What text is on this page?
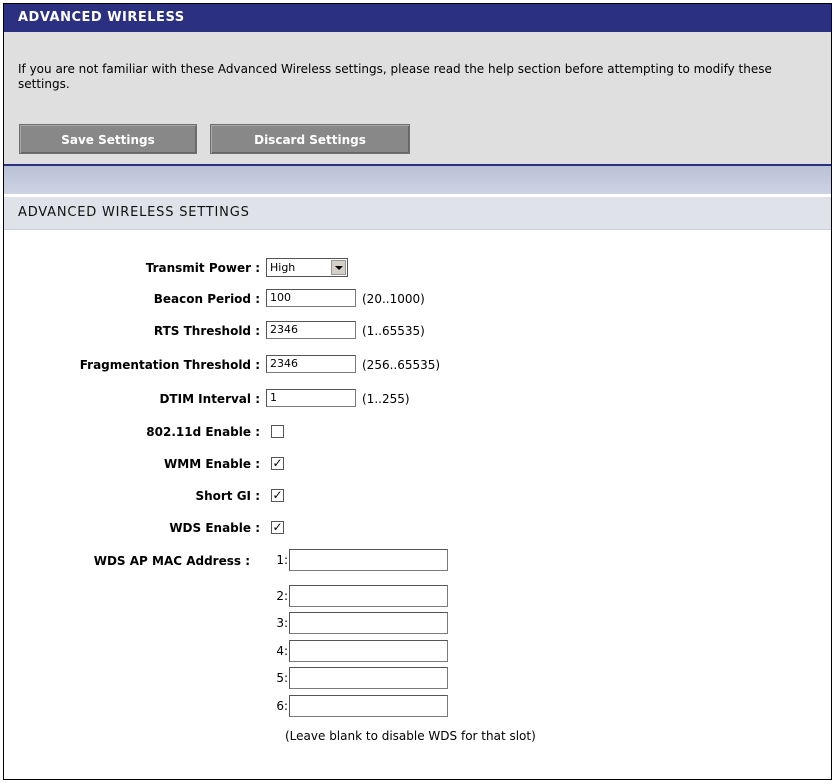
ADVANCED WIRELESS
If you are not familiar with these Advanced Wireless settings, please read the help section before attempting to modify these settings.
Save Settings	Discard Settings
ADVANCED WIRELESS SETTINGS
Transmit Power : High
Beacon Period : 100	(20..1000)
RTS Threshold : 2346	(1..65535)
Fragmentation Threshold : 2346	(256..65535)
DTIM Interval : 1	(1..255)
802.11d Enable :
WMM Enable : ✓
Short GI : ✓
WDS Enable : ✓
WDS AP MAC Address :	1:
2:
3:
4:
5:
6:
(Leave blank to disable WDS for that slot)
